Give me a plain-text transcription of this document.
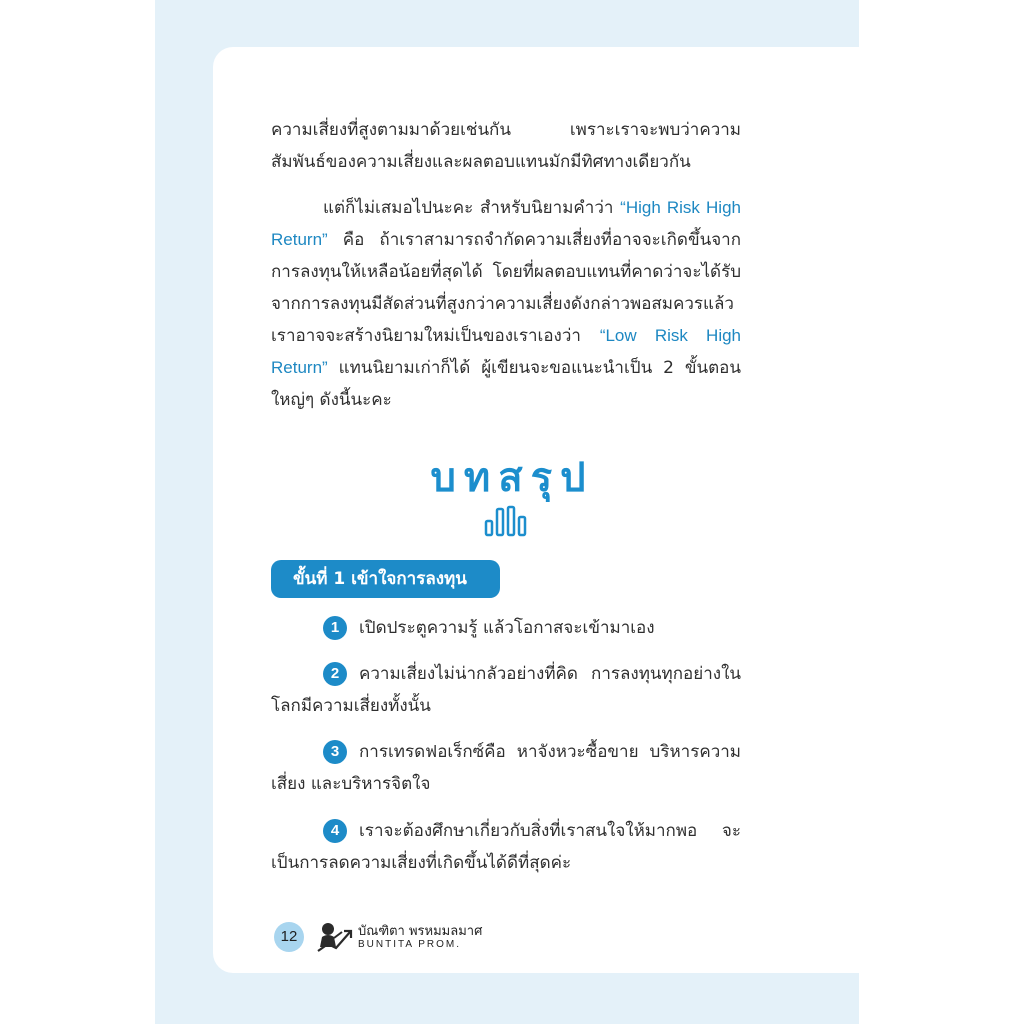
ความเสี่ยงที่สูงตามมาด้วยเช่นกัน เพราะเราจะพบว่าความสัมพันธ์ของความเสี่ยงและผลตอบแทนมักมีทิศทางเดียวกัน

แต่ก็ไม่เสมอไปนะคะ สำหรับนิยามคำว่า “High Risk High Return” คือ ถ้าเราสามารถจำกัดความเสี่ยงที่อาจจะเกิดขึ้นจากการลงทุนให้เหลือน้อยที่สุดได้ โดยที่ผลตอบแทนที่คาดว่าจะได้รับจากการลงทุนมีสัดส่วนที่สูงกว่าความเสี่ยงดังกล่าวพอสมควรแล้ว เราอาจจะสร้างนิยามใหม่เป็นของเราเองว่า “Low Risk High Return” แทนนิยามเก่าก็ได้ ผู้เขียนจะขอแนะนำเป็น 2 ขั้นตอนใหญ่ๆ ดังนี้นะคะ

บทสรุป
ขั้นที่ 1 เข้าใจการลงทุน
1 เปิดประตูความรู้ แล้วโอกาสจะเข้ามาเอง
2 ความเสี่ยงไม่น่ากลัวอย่างที่คิด การลงทุนทุกอย่างในโลกมีความเสี่ยงทั้งนั้น
3 การเทรดฟอเร็กซ์คือ หาจังหวะซื้อขาย บริหารความเสี่ยง และบริหารจิตใจ
4 เราจะต้องศึกษาเกี่ยวกับสิ่งที่เราสนใจให้มากพอ จะเป็นการลดความเสี่ยงที่เกิดขึ้นได้ดีที่สุดค่ะ
12	บัณฑิตา พรหมมลมาศ
BUNTITA PROM.
